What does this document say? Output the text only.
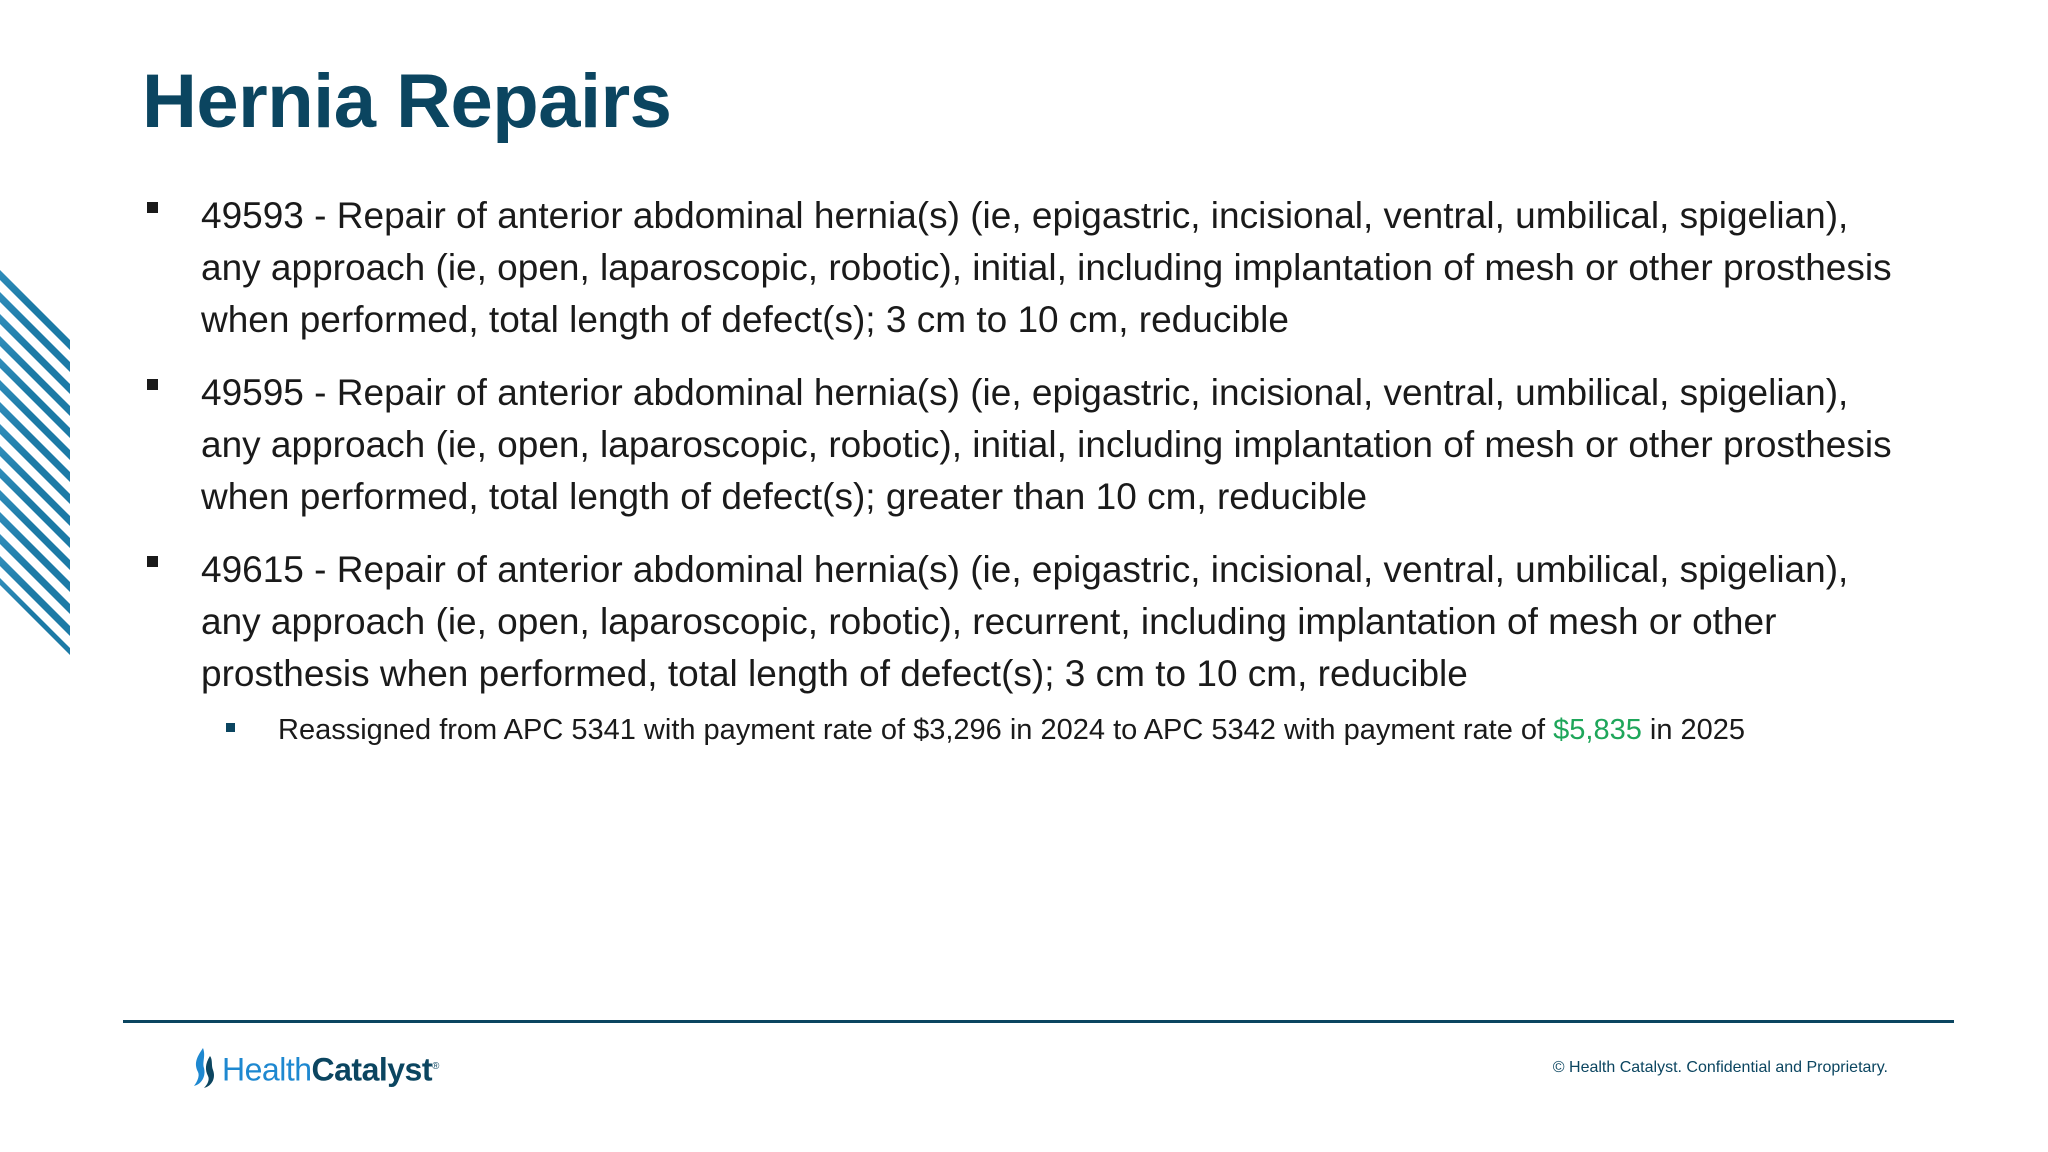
Hernia Repairs
49593 - Repair of anterior abdominal hernia(s) (ie, epigastric, incisional, ventral, umbilical, spigelian), any approach (ie, open, laparoscopic, robotic), initial, including implantation of mesh or other prosthesis when performed, total length of defect(s); 3 cm to 10 cm, reducible
49595 - Repair of anterior abdominal hernia(s) (ie, epigastric, incisional, ventral, umbilical, spigelian), any approach (ie, open, laparoscopic, robotic), initial, including implantation of mesh or other prosthesis when performed, total length of defect(s); greater than 10 cm, reducible
49615 - Repair of anterior abdominal hernia(s) (ie, epigastric, incisional, ventral, umbilical, spigelian), any approach (ie, open, laparoscopic, robotic), recurrent, including implantation of mesh or other prosthesis when performed, total length of defect(s); 3 cm to 10 cm, reducible
Reassigned from APC 5341 with payment rate of $3,296 in 2024 to APC 5342 with payment rate of $5,835 in 2025
HealthCatalyst®	© Health Catalyst. Confidential and Proprietary.
